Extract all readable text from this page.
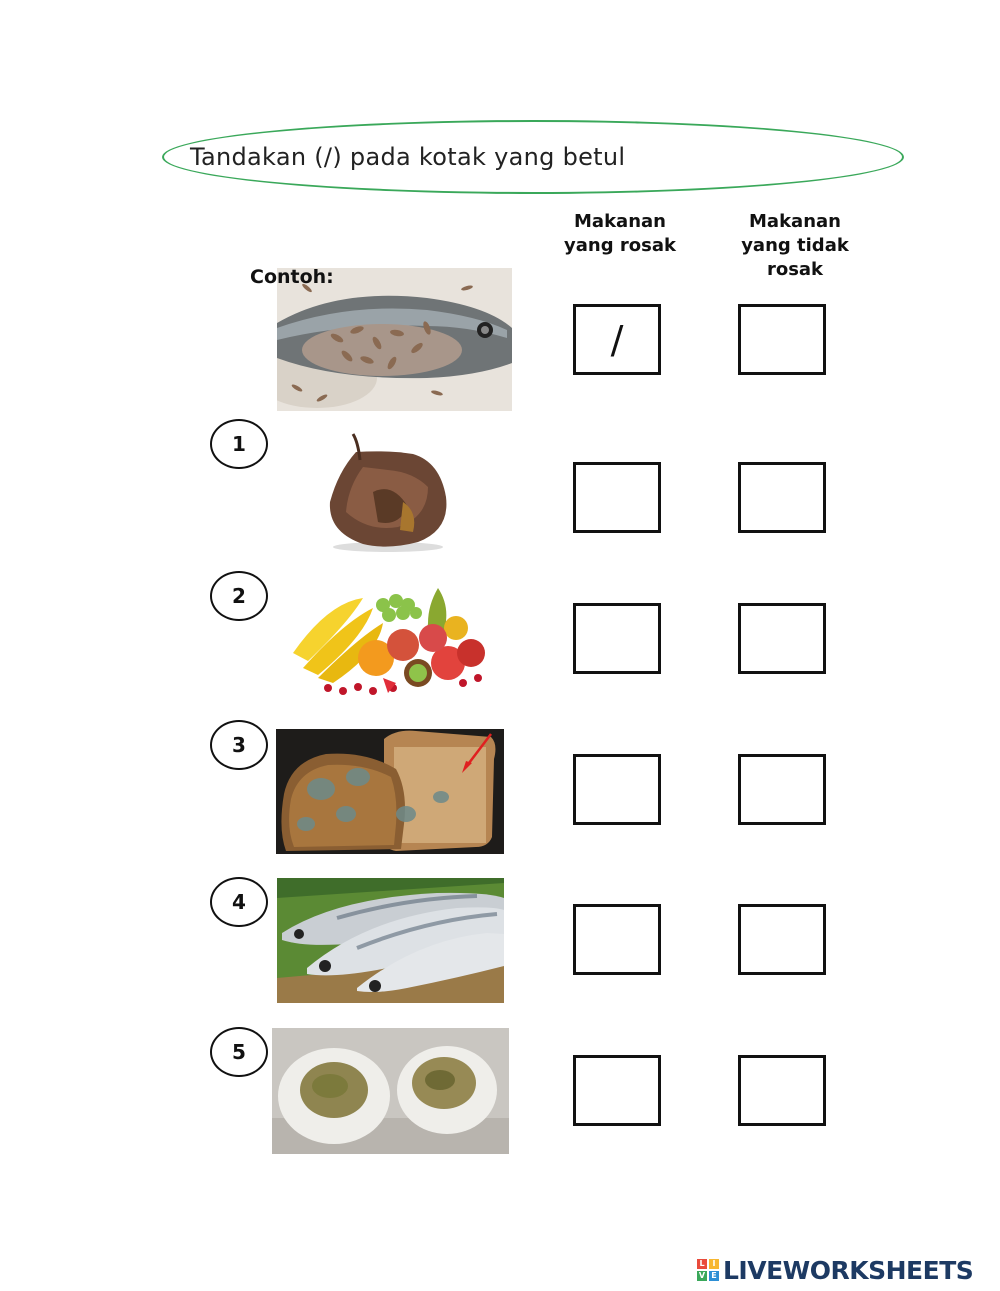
Tandakan (/) pada kotak yang betul
Makanan
yang rosak
Makanan
yang tidak
rosak
Contoh:
/
1
2
3
4
5
L I
V E LIVEWORKSHEETS
